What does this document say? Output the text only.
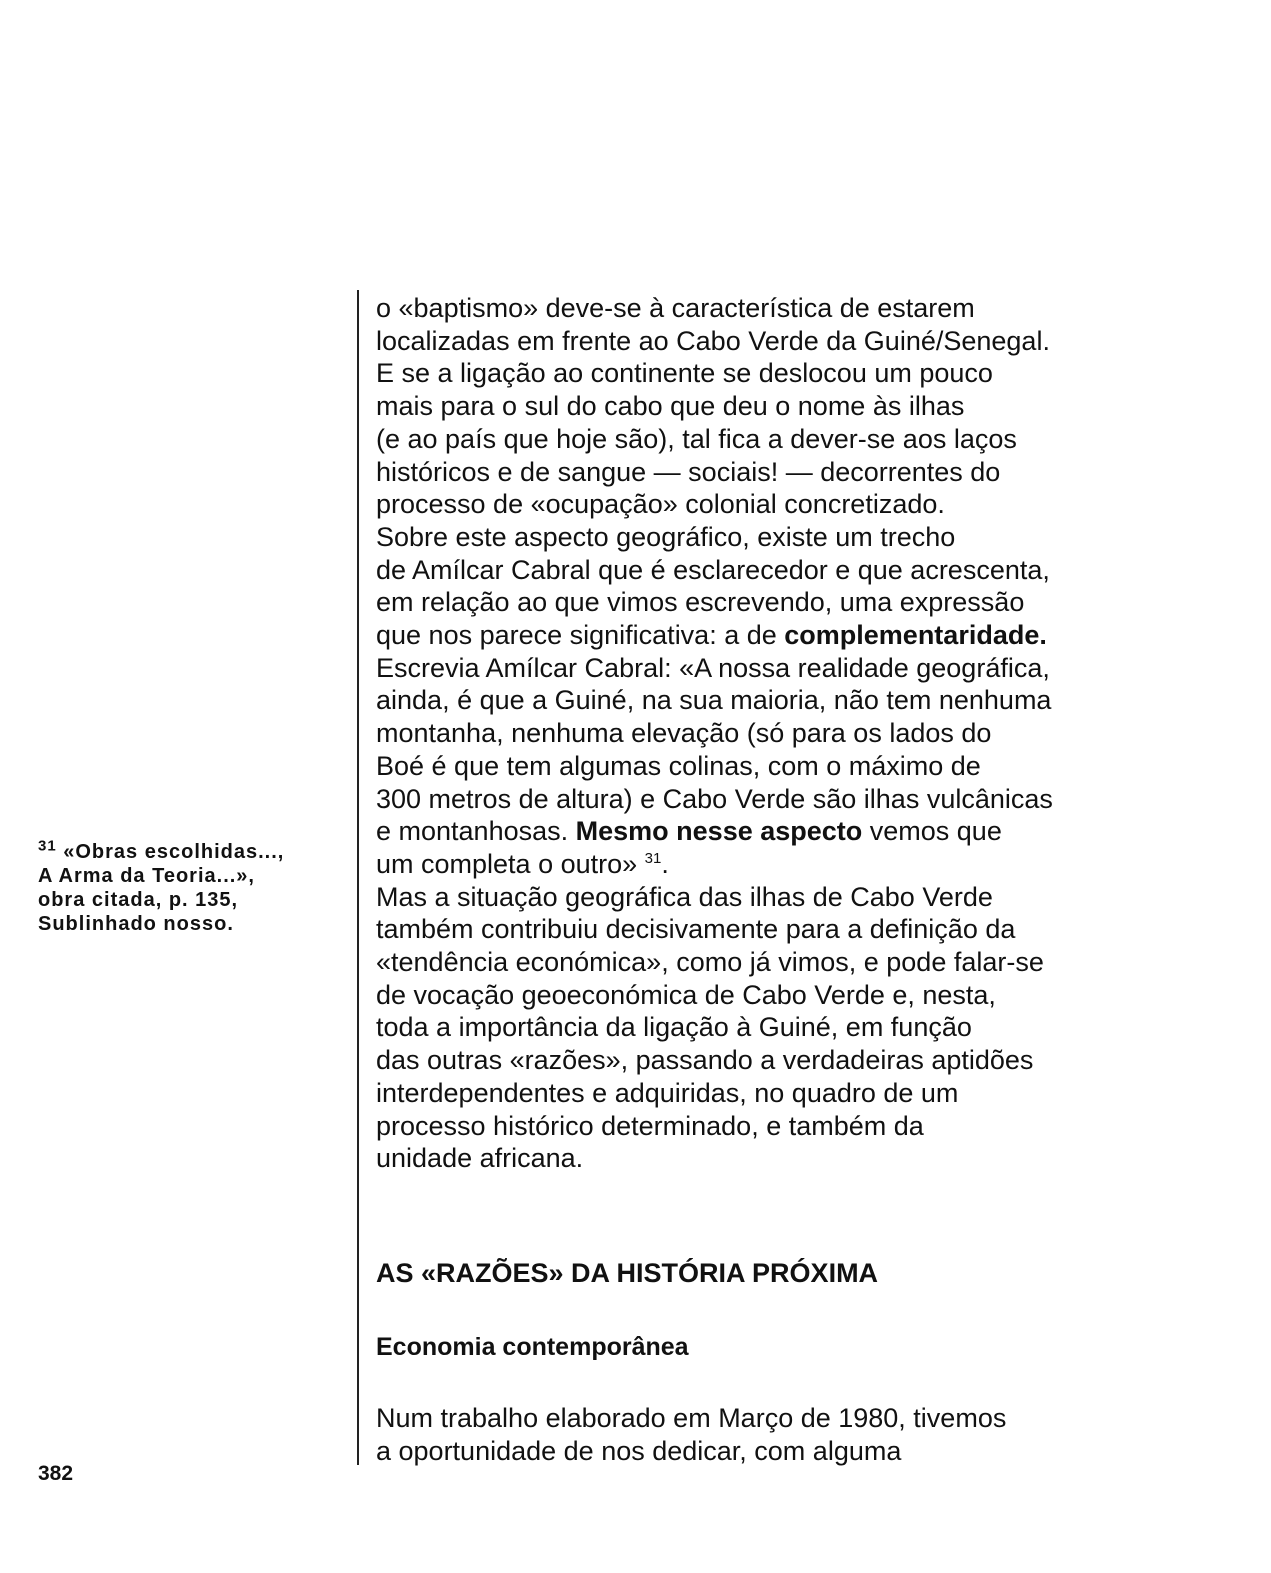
$^{31}$ «Obras escolhidas...,
A Arma da Teoria...»,
obra citada, p. 135,
Sublinhado nosso.
o «baptismo» deve-se à característica de estarem
localizadas em frente ao Cabo Verde da Guiné/Senegal.
E se a ligação ao continente se deslocou um pouco
mais para o sul do cabo que deu o nome às ilhas
(e ao país que hoje são), tal fica a dever-se aos laços
históricos e de sangue — sociais! — decorrentes do
processo de «ocupação» colonial concretizado.
Sobre este aspecto geográfico, existe um trecho
de Amílcar Cabral que é esclarecedor e que acrescenta,
em relação ao que vimos escrevendo, uma expressão
que nos parece significativa: a de complementaridade.
Escrevia Amílcar Cabral: «A nossa realidade geográfica,
ainda, é que a Guiné, na sua maioria, não tem nenhuma
montanha, nenhuma elevação (só para os lados do
Boé é que tem algumas colinas, com o máximo de
300 metros de altura) e Cabo Verde são ilhas vulcânicas
e montanhosas. Mesmo nesse aspecto vemos que
um completa o outro» $^{31}$.
Mas a situação geográfica das ilhas de Cabo Verde
também contribuiu decisivamente para a definição da
«tendência económica», como já vimos, e pode falar-se
de vocação geoeconómica de Cabo Verde e, nesta,
toda a importância da ligação à Guiné, em função
das outras «razões», passando a verdadeiras aptidões
interdependentes e adquiridas, no quadro de um
processo histórico determinado, e também da
unidade africana.
AS «RAZÕES» DA HISTÓRIA PRÓXIMA
Economia contemporânea
Num trabalho elaborado em Março de 1980, tivemos
a oportunidade de nos dedicar, com alguma
382
